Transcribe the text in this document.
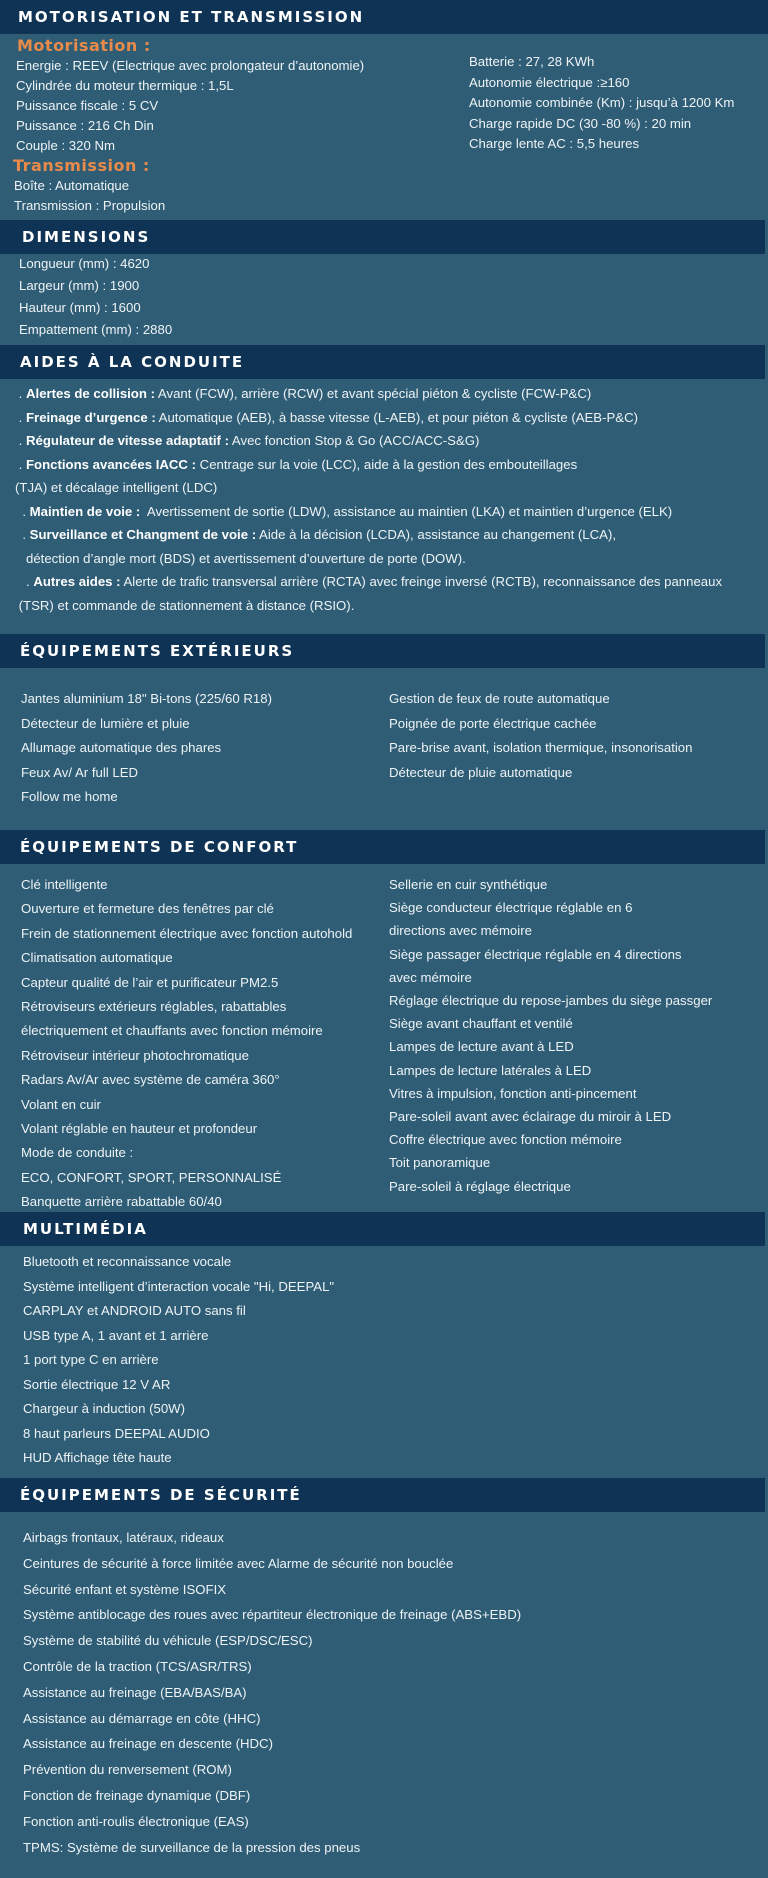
MOTORISATION ET TRANSMISSION
Motorisation :
Energie : REEV (Electrique avec prolongateur d’autonomie)
Cylindrée du moteur thermique : 1,5L
Puissance fiscale : 5 CV
Puissance : 216 Ch Din
Couple : 320 Nm
Batterie : 27, 28 KWh
Autonomie électrique :≥160
Autonomie combinée (Km) : jusqu’à 1200 Km
Charge rapide DC (30 -80 %) : 20 min
Charge lente AC : 5,5 heures
Transmission :
Boîte : Automatique
Transmission : Propulsion
DIMENSIONS
Longueur (mm) : 4620
Largeur (mm) : 1900
Hauteur (mm) : 1600
Empattement (mm) : 2880
AIDES À LA CONDUITE
. Alertes de collision : Avant (FCW), arrière (RCW) et avant spécial piéton & cycliste (FCW-P&C)
. Freinage d’urgence : Automatique (AEB), à basse vitesse (L-AEB), et pour piéton & cycliste (AEB-P&C)
. Régulateur de vitesse adaptatif : Avec fonction Stop & Go (ACC/ACC-S&G)
. Fonctions avancées IACC : Centrage sur la voie (LCC), aide à la gestion des embouteillages
(TJA) et décalage intelligent (LDC)
. Maintien de voie :  Avertissement de sortie (LDW), assistance au maintien (LKA) et maintien d’urgence (ELK)
. Surveillance et Changment de voie : Aide à la décision (LCDA), assistance au changement (LCA),
détection d’angle mort (BDS) et avertissement d’ouverture de porte (DOW).
. Autres aides : Alerte de trafic transversal arrière (RCTA) avec freinge inversé (RCTB), reconnaissance des panneaux
(TSR) et commande de stationnement à distance (RSIO).
ÉQUIPEMENTS EXTÉRIEURS
Jantes aluminium 18" Bi-tons (225/60 R18)
Détecteur de lumière et pluie
Allumage automatique des phares
Feux Av/ Ar full LED
Follow me home
Gestion de feux de route automatique
Poignée de porte électrique cachée
Pare-brise avant, isolation thermique, insonorisation
Détecteur de pluie automatique
ÉQUIPEMENTS DE CONFORT
Clé intelligente
Ouverture et fermeture des fenêtres par clé
Frein de stationnement électrique avec fonction autohold
Climatisation automatique
Capteur qualité de l’air et purificateur PM2.5
Rétroviseurs extérieurs réglables, rabattables
électriquement et chauffants avec fonction mémoire
Rétroviseur intérieur photochromatique
Radars Av/Ar avec système de caméra 360°
Volant en cuir
Volant réglable en hauteur et profondeur
Mode de conduite :
ECO, CONFORT, SPORT, PERSONNALISÉ
Banquette arrière rabattable 60/40
Sellerie en cuir synthétique
Siège conducteur électrique réglable en 6
directions avec mémoire
Siège passager électrique réglable en 4 directions
avec mémoire
Réglage électrique du repose-jambes du siège passger
Siège avant chauffant et ventilé
Lampes de lecture avant à LED
Lampes de lecture latérales à LED
Vitres à impulsion, fonction anti-pincement
Pare-soleil avant avec éclairage du miroir à LED
Coffre électrique avec fonction mémoire
Toit panoramique
Pare-soleil à réglage électrique
MULTIMÉDIA
Bluetooth et reconnaissance vocale
Système intelligent d’interaction vocale "Hi, DEEPAL"
CARPLAY et ANDROID AUTO sans fil
USB type A, 1 avant et 1 arrière
1 port type C en arrière
Sortie électrique 12 V AR
Chargeur à induction (50W)
8 haut parleurs DEEPAL AUDIO
HUD Affichage tête haute
ÉQUIPEMENTS DE SÉCURITÉ
Airbags frontaux, latéraux, rideaux
Ceintures de sécurité à force limitée avec Alarme de sécurité non bouclée
Sécurité enfant et système ISOFIX
Système antiblocage des roues avec répartiteur électronique de freinage (ABS+EBD)
Système de stabilité du véhicule (ESP/DSC/ESC)
Contrôle de la traction (TCS/ASR/TRS)
Assistance au freinage (EBA/BAS/BA)
Assistance au démarrage en côte (HHC)
Assistance au freinage en descente (HDC)
Prévention du renversement (ROM)
Fonction de freinage dynamique (DBF)
Fonction anti-roulis électronique (EAS)
TPMS: Système de surveillance de la pression des pneus
